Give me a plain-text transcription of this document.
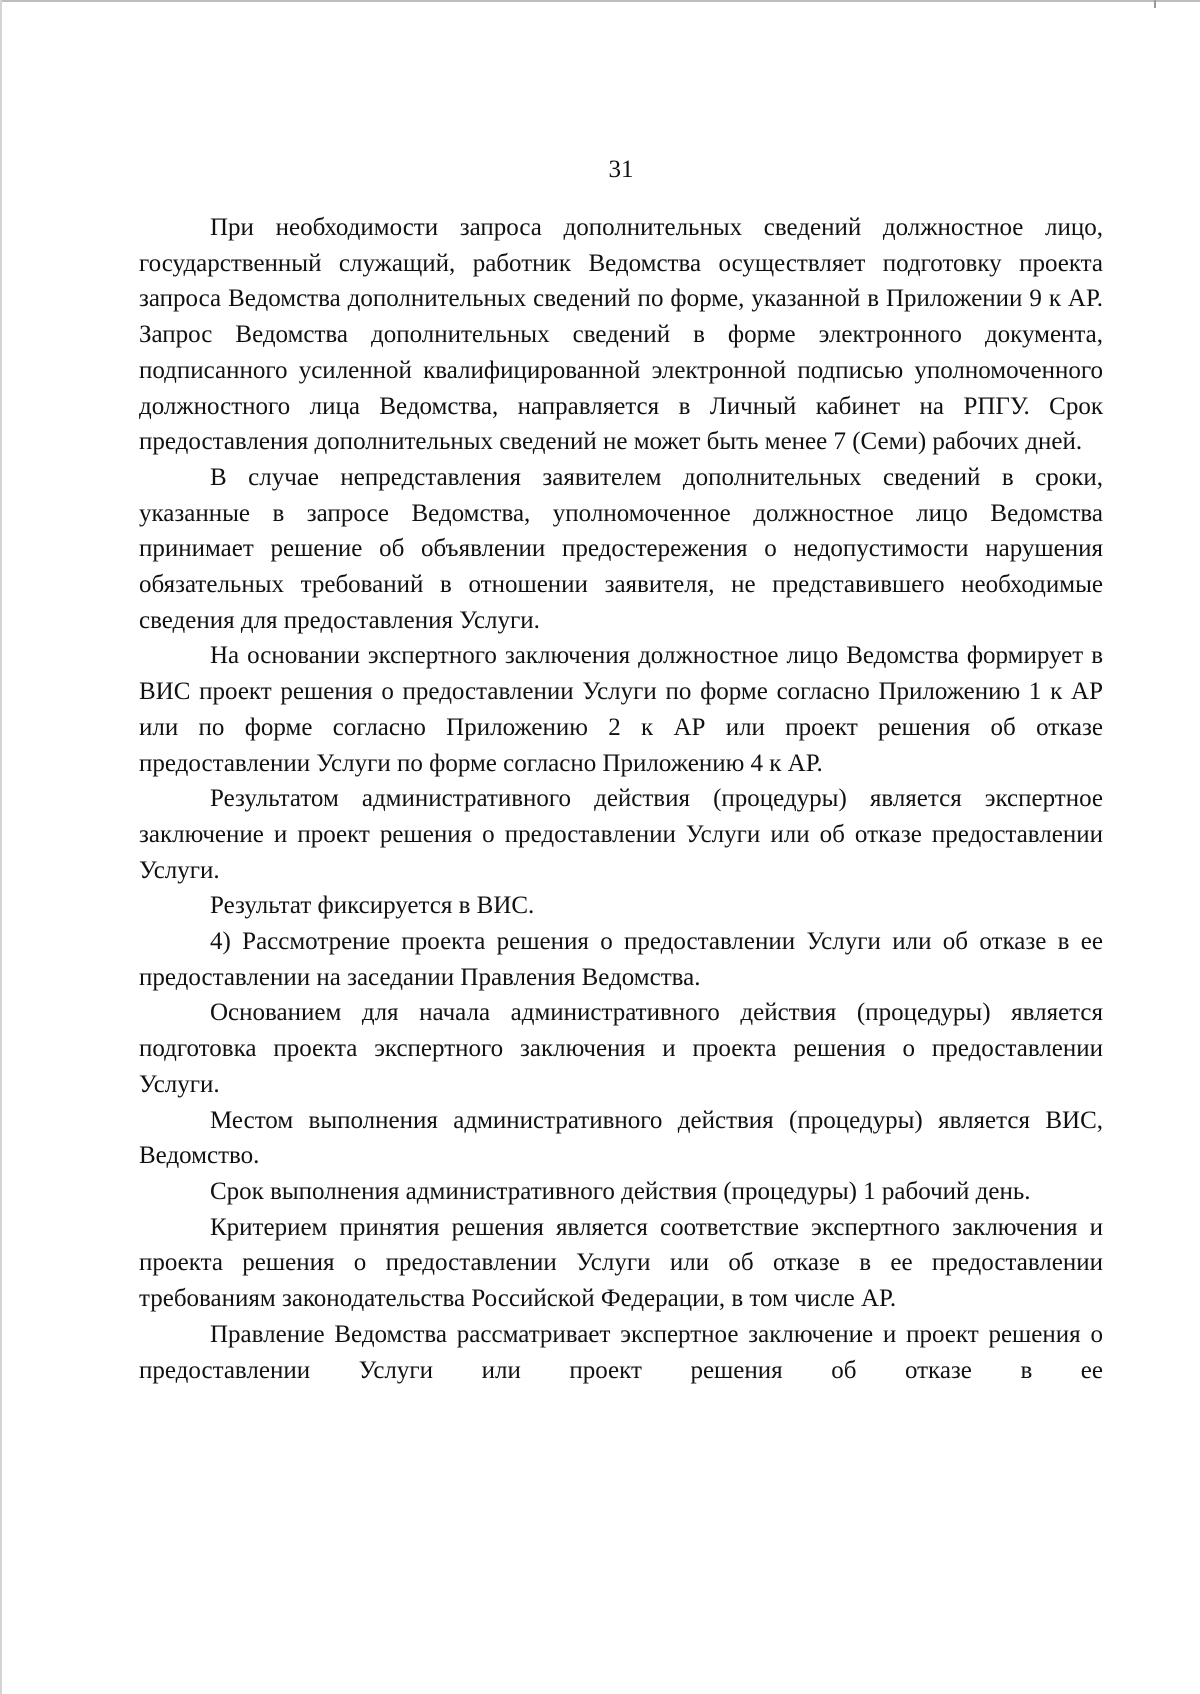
31

При необходимости запроса дополнительных сведений должностное лицо, государственный служащий, работник Ведомства осуществляет подготовку проекта запроса Ведомства дополнительных сведений по форме, указанной в Приложении 9 к АР. Запрос Ведомства дополнительных сведений в форме электронного документа, подписанного усиленной квалифицированной электронной подписью уполномоченного должностного лица Ведомства, направляется в Личный кабинет на РПГУ. Срок предоставления дополнительных сведений не может быть менее 7 (Семи) рабочих дней.

В случае непредставления заявителем дополнительных сведений в сроки, указанные в запросе Ведомства, уполномоченное должностное лицо Ведомства принимает решение об объявлении предостережения о недопустимости нарушения обязательных требований в отношении заявителя, не представившего необходимые сведения для предоставления Услуги.

На основании экспертного заключения должностное лицо Ведомства формирует в ВИС проект решения о предоставлении Услуги по форме согласно Приложению 1 к АР или по форме согласно Приложению 2 к АР или проект решения об отказе предоставлении Услуги по форме согласно Приложению 4 к АР.

Результатом административного действия (процедуры) является экспертное заключение и проект решения о предоставлении Услуги или об отказе предоставлении Услуги.

Результат фиксируется в ВИС.

4) Рассмотрение проекта решения о предоставлении Услуги или об отказе в ее предоставлении на заседании Правления Ведомства.

Основанием для начала административного действия (процедуры) является подготовка проекта экспертного заключения и проекта решения о предоставлении Услуги.

Местом выполнения административного действия (процедуры) является ВИС, Ведомство.

Срок выполнения административного действия (процедуры) 1 рабочий день.

Критерием принятия решения является соответствие экспертного заключения и проекта решения о предоставлении Услуги или об отказе в ее предоставлении требованиям законодательства Российской Федерации, в том числе АР.

Правление Ведомства рассматривает экспертное заключение и проект решения о предоставлении Услуги или проект решения об отказе в ее
